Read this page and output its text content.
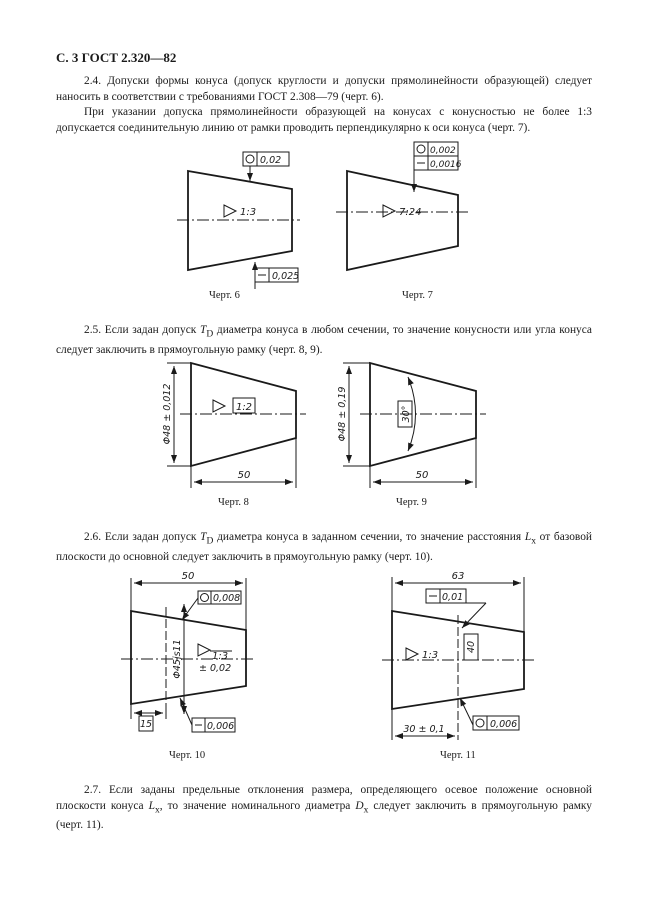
С. 3 ГОСТ 2.320—82

2.4. Допуски формы конуса (допуск круглости и допуски прямолинейности образующей) следует наносить в соответствии с требованиями ГОСТ 2.308—79 (черт. 6).

При указании допуска прямолинейности образующей на конусах с конусностью не более 1:3 допускается соединительную линию от рамки проводить перпендикулярно к оси конуса (черт. 7).

0,02
0,025
1:3
0,002
0,0016
7:24
Φ48 ± 0,012
50
1:2	Φ48 ± 0,19
50
30°
50
0,008
Φ45js11	1:3
± 0,02
15	0,006
63
0,01
1:3
40
30 ± 0,1	0,006
Черт. 6	Черт. 7

2.5. Если задан допуск $T_D$ диаметра конуса в любом сечении, то значение конусности или угла конуса следует заключить в прямоугольную рамку (черт. 8, 9).

Черт. 8	Черт. 9

2.6. Если задан допуск $T_D$ диаметра конуса в заданном сечении, то значение расстояния $L_x$ от базовой плоскости до основной следует заключить в прямоугольную рамку (черт. 10).

Черт. 10	Черт. 11

2.7. Если заданы предельные отклонения размера, определяющего осевое положение основной плоскости конуса $L_x$, то значение номинального диаметра $D_x$ следует заключить в прямоугольную рамку (черт. 11).
